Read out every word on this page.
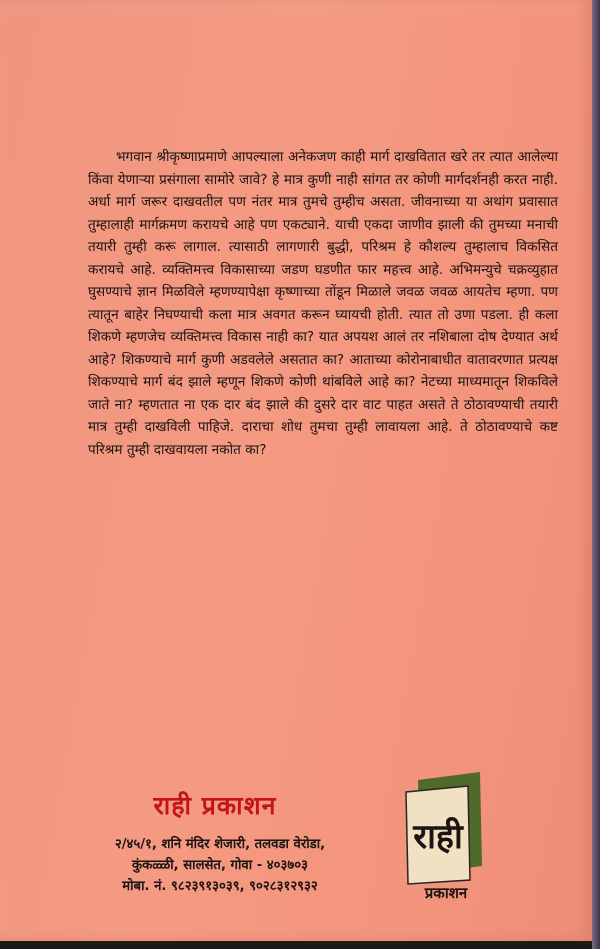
भगवान श्रीकृष्णाप्रमाणे आपल्याला अनेकजण काही मार्ग दाखवितात खरे तर त्यात आलेल्या किंवा येणाऱ्या प्रसंगाला सामोरे जावे? हे मात्र कुणी नाही सांगत तर कोणी मार्गदर्शनही करत नाही. अर्धा मार्ग जरूर दाखवतील पण नंतर मात्र तुमचे तुम्हीच असता. जीवनाच्या या अथांग प्रवासात तुम्हालाही मार्गक्रमण करायचे आहे पण एकट्याने. याची एकदा जाणीव झाली की तुमच्या मनाची तयारी तुम्ही करू लागाल. त्यासाठी लागणारी बुद्धी, परिश्रम हे कौशल्य तुम्हालाच विकसित करायचे आहे. व्यक्तिमत्त्व विकासाच्या जडण घडणीत फार महत्त्व आहे. अभिमन्युचे चक्रव्युहात घुसण्याचे ज्ञान मिळविले म्हणण्यापेक्षा कृष्णाच्या तोंडून मिळाले जवळ जवळ आयतेच म्हणा. पण त्यातून बाहेर निघण्याची कला मात्र अवगत करून घ्यायची होती. त्यात तो उणा पडला. ही कला शिकणे म्हणजेच व्यक्तिमत्त्व विकास नाही का? यात अपयश आलं तर नशिबाला दोष देण्यात अर्थ आहे? शिकण्याचे मार्ग कुणी अडवलेले असतात का? आताच्या कोरोनाबाधीत वातावरणात प्रत्यक्ष शिकण्याचे मार्ग बंद झाले म्हणून शिकणे कोणी थांबविले आहे का? नेटच्या माध्यमातून शिकविले जाते ना? म्हणतात ना एक दार बंद झाले की दुसरे दार वाट पाहत असते ते ठोठावण्याची तयारी मात्र तुम्ही दाखविली पाहिजे. दाराचा शोध तुमचा तुम्ही लावायला आहे. ते ठोठावण्याचे कष्ट परिश्रम तुम्ही दाखवायला नकोत का?

राही प्रकाशन
२/४५/१, शनि मंदिर शेजारी, तलवडा वेरोडा,
कुंकळ्ळी, सालसेत, गोवा - ४०३७०३
मोबा. नं. ९८२३९१३०३९, ९०२८३१२९३२
राही
प्रकाशन
